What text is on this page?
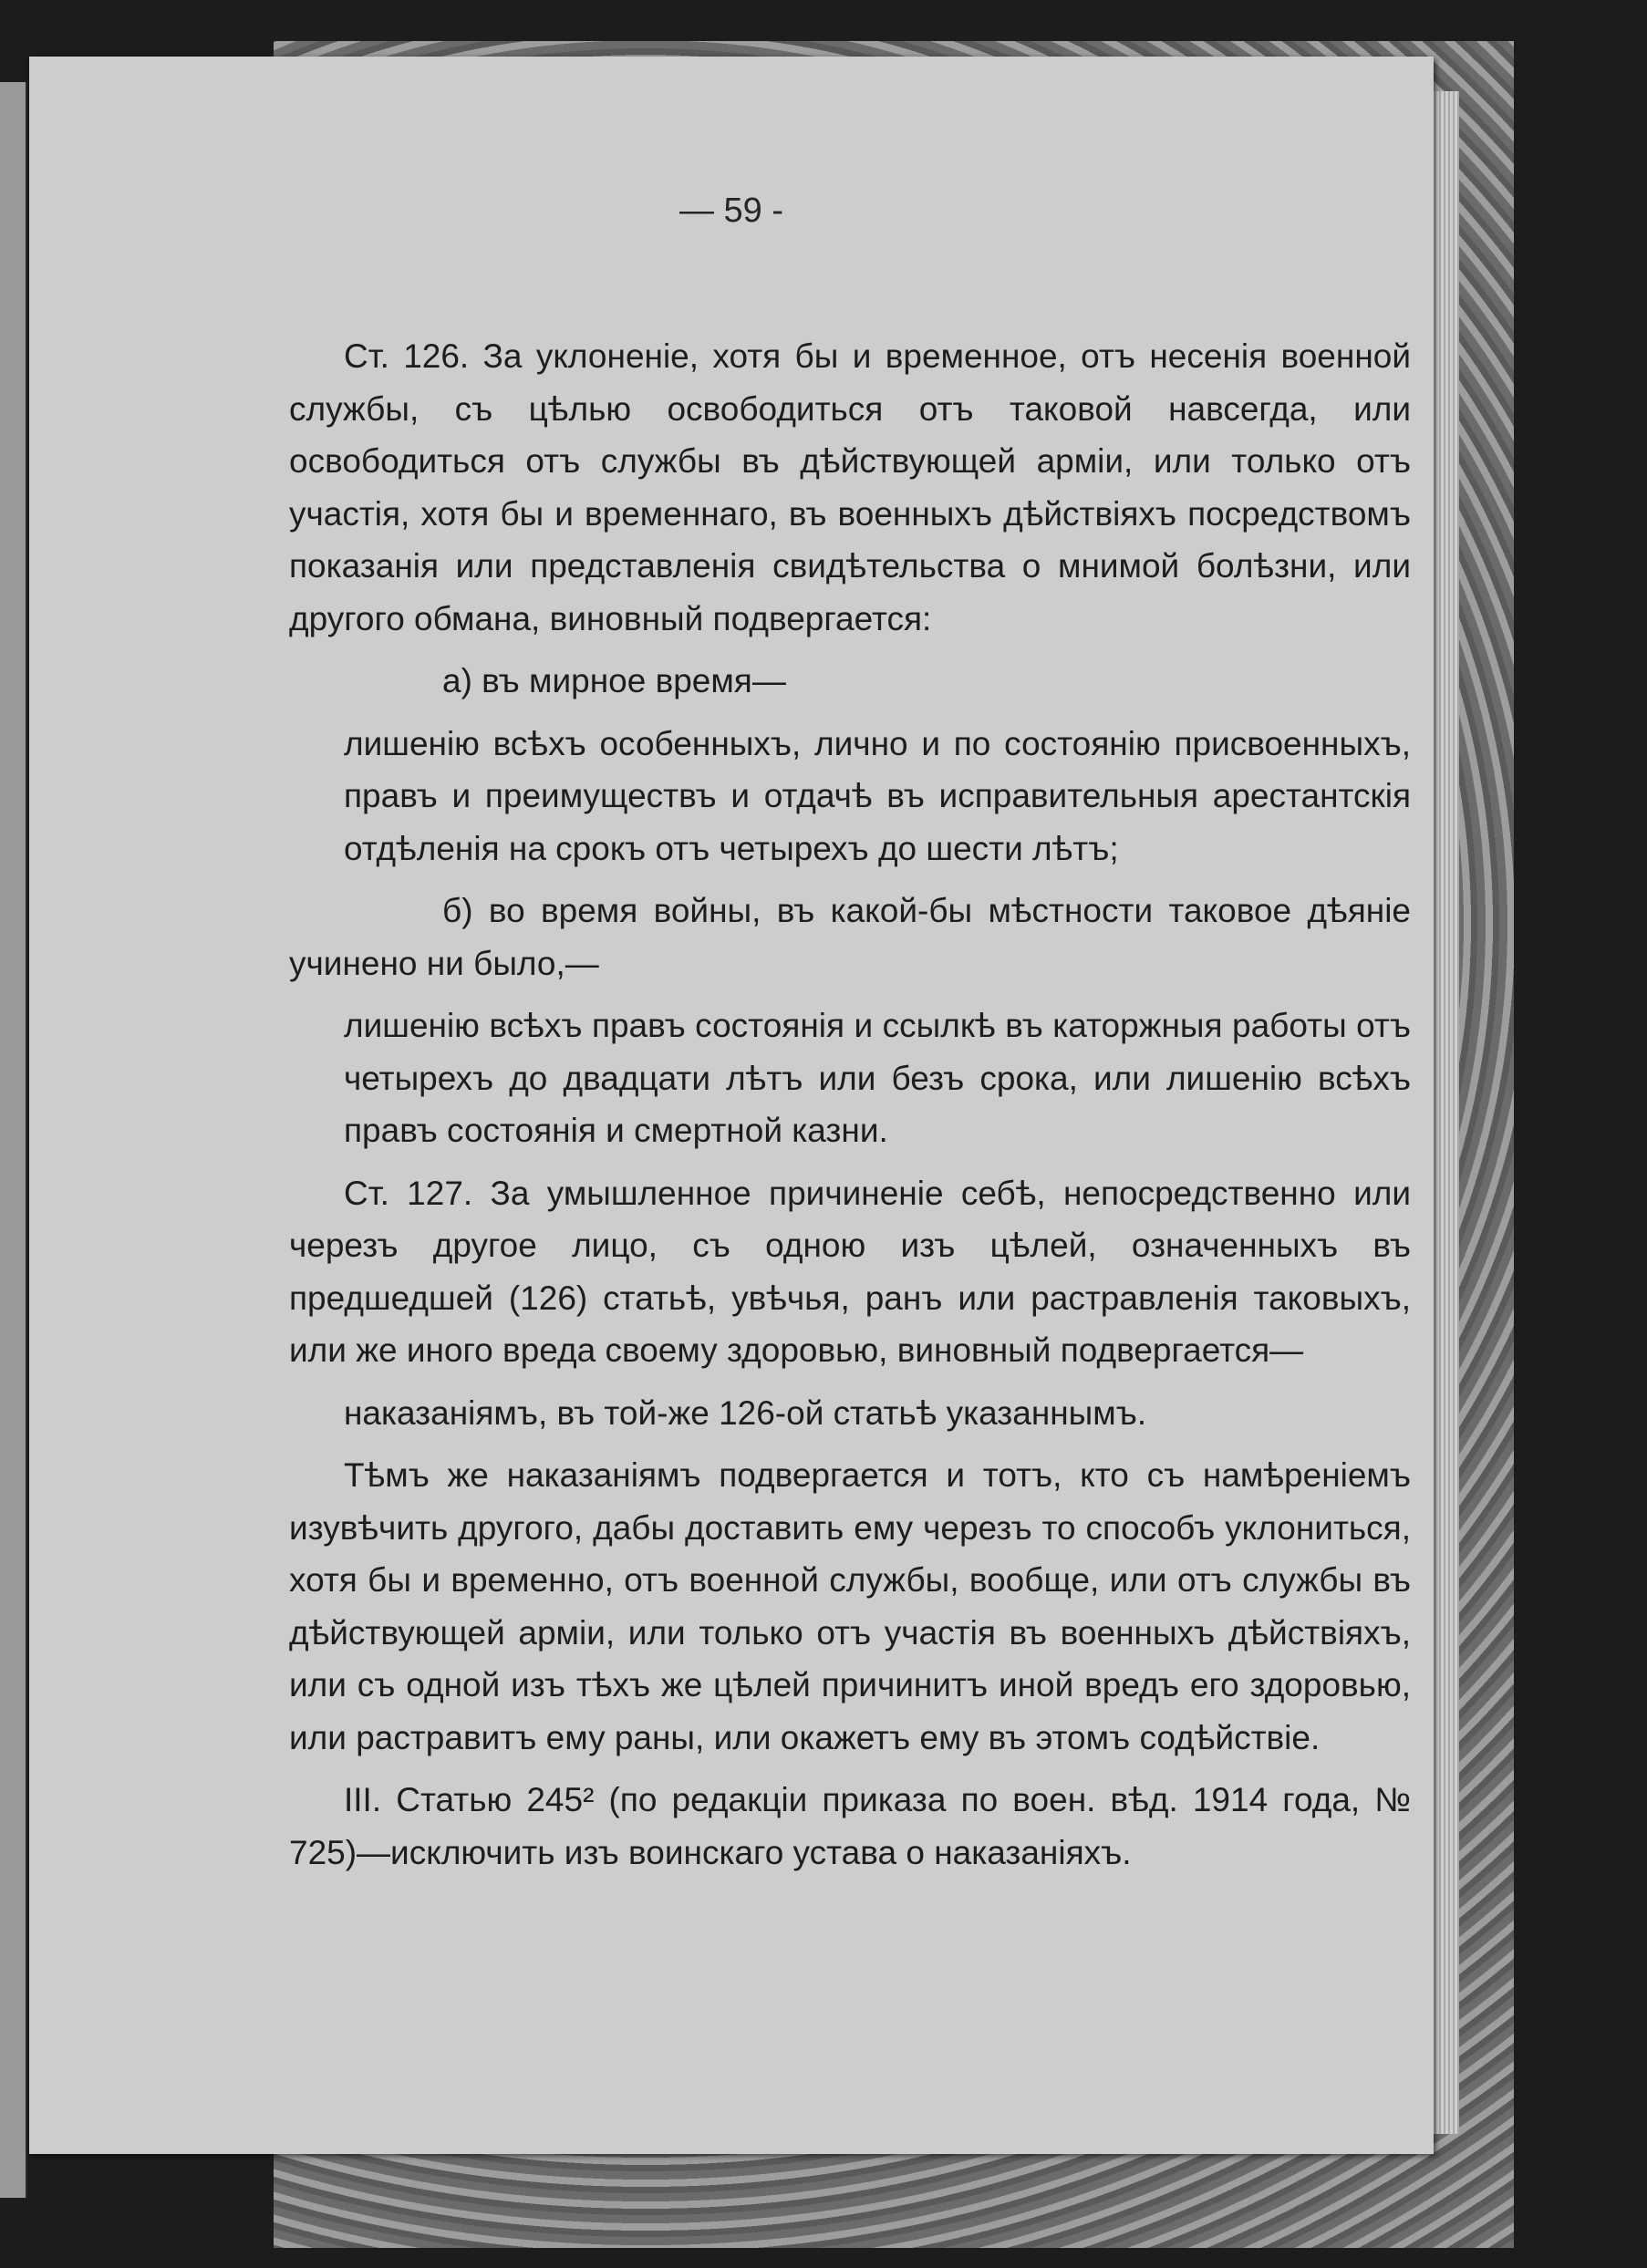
— 59 -

Ст. 126. За уклоненіе, хотя бы и временное, отъ несенія военной службы, съ цѣлью освободиться отъ таковой навсегда, или освободиться отъ службы въ дѣйствующей арміи, или только отъ участія, хотя бы и временнаго, въ военныхъ дѣйствіяхъ посредствомъ показанія или представленія свидѣтельства о мнимой болѣзни, или другого обмана, виновный подвергается:

а) въ мирное время—

лишенію всѣхъ особенныхъ, лично и по состоянію присвоенныхъ, правъ и преимуществъ и отдачѣ въ исправительныя арестантскія отдѣленія на срокъ отъ четырехъ до шести лѣтъ;

б) во время войны, въ какой-бы мѣстности таковое дѣяніе учинено ни было,—

лишенію всѣхъ правъ состоянія и ссылкѣ въ каторжныя работы отъ четырехъ до двадцати лѣтъ или безъ срока, или лишенію всѣхъ правъ состоянія и смертной казни.

Ст. 127. За умышленное причиненіе себѣ, непосредственно или черезъ другое лицо, съ одною изъ цѣлей, означенныхъ въ предшедшей (126) статьѣ, увѣчья, ранъ или растравленія таковыхъ, или же иного вреда своему здоровью, виновный подвергается—

наказаніямъ, въ той-же 126-ой статьѣ указаннымъ.

Тѣмъ же наказаніямъ подвергается и тотъ, кто съ намѣреніемъ изувѣчить другого, дабы доставить ему черезъ то способъ уклониться, хотя бы и временно, отъ военной службы, вообще, или отъ службы въ дѣйствующей арміи, или только отъ участія въ военныхъ дѣйствіяхъ, или съ одной изъ тѣхъ же цѣлей причинитъ иной вредъ его здоровью, или растравитъ ему раны, или окажетъ ему въ этомъ содѣйствіе.

III. Статью 245² (по редакціи приказа по воен. вѣд. 1914 года, № 725)—исключить изъ воинскаго устава о наказаніяхъ.
